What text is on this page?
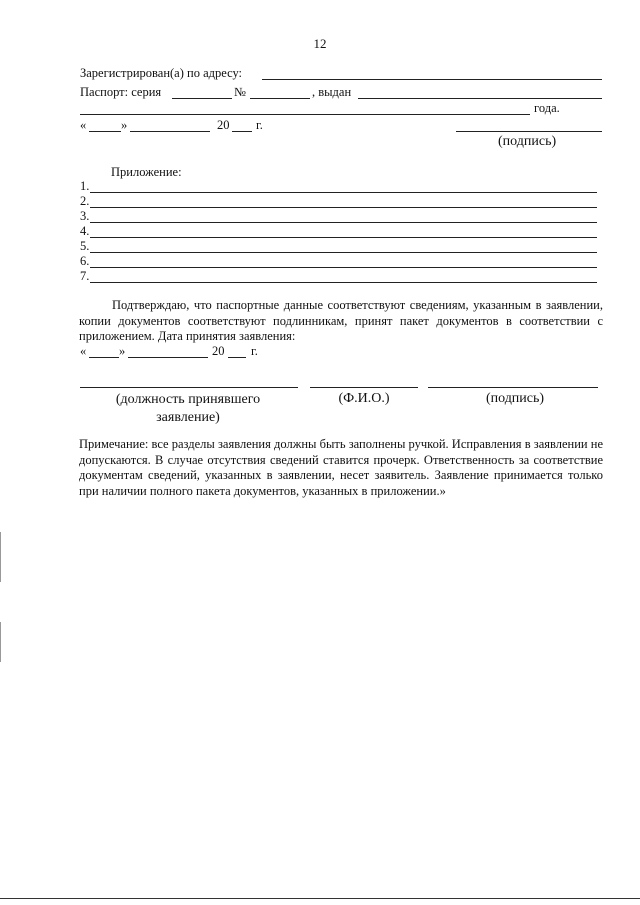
12
Зарегистрирован(а) по адресу:
Паспорт: серия	№	, выдан
года.
«	»	20 г.
(подпись)
Приложение:
1.
2.
3.
4.
5.
6.
7.
Подтверждаю, что паспортные данные соответствуют сведениям, указанным в заявлении, копии документов соответствуют подлинникам, принят пакет документов в соответствии с приложением. Дата принятия заявления:
«	»	20 г.
(должность принявшего заявление)
(Ф.И.О.)	(подпись)
Примечание: все разделы заявления должны быть заполнены ручкой. Исправления в заявлении не допускаются. В случае отсутствия сведений ставится прочерк. Ответственность за соответствие документам сведений, указанных в заявлении, несет заявитель. Заявление принимается только при наличии полного пакета документов, указанных в приложении.»
